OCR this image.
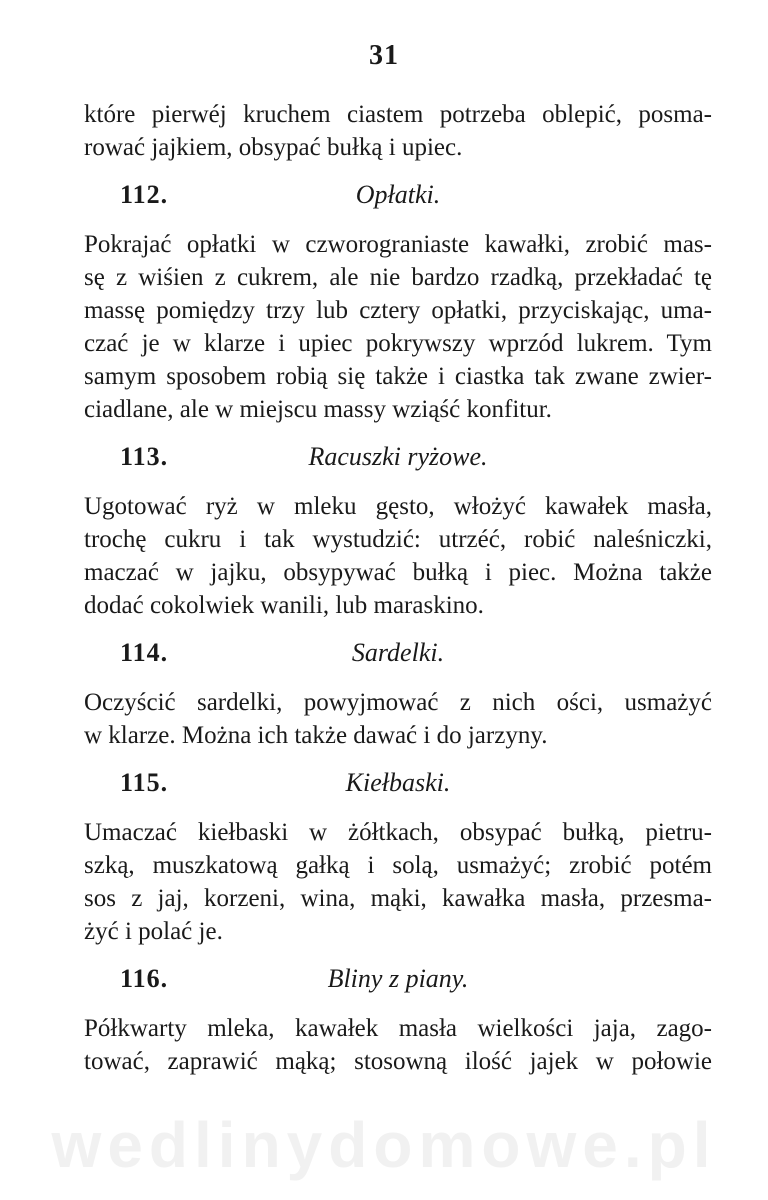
31

które pierwéj kruchem ciastem potrzeba oblepić, posma-
rować jajkiem, obsypać bułką i upiec.

112.	Opłatki.

Pokrajać opłatki w czworograniaste kawałki, zrobić mas-
sę z wiśien z cukrem, ale nie bardzo rzadką, przekładać tę
massę pomiędzy trzy lub cztery opłatki, przyciskając, uma-
czać je w klarze i upiec pokrywszy wprzód lukrem. Tym
samym sposobem robią się także i ciastka tak zwane zwier-
ciadlane, ale w miejscu massy wziąść konfitur.

113.	Racuszki ryżowe.

Ugotować ryż w mleku gęsto, włożyć kawałek masła,
trochę cukru i tak wystudzić: utrzéć, robić naleśniczki,
maczać w jajku, obsypywać bułką i piec. Można także
dodać cokolwiek wanili, lub maraskino.

114.	Sardelki.

Oczyścić sardelki, powyjmować z nich ości, usmażyć
w klarze. Można ich także dawać i do jarzyny.

115.	Kiełbaski.

Umaczać kiełbaski w żółtkach, obsypać bułką, pietru-
szką, muszkatową gałką i solą, usmażyć; zrobić potém
sos z jaj, korzeni, wina, mąki, kawałka masła, przesma-
żyć i polać je.

116.	Bliny z piany.

Półkwarty mleka, kawałek masła wielkości jaja, zago-
tować, zaprawić mąką; stosowną ilość jajek w połowie

wedlinydomowe.pl
